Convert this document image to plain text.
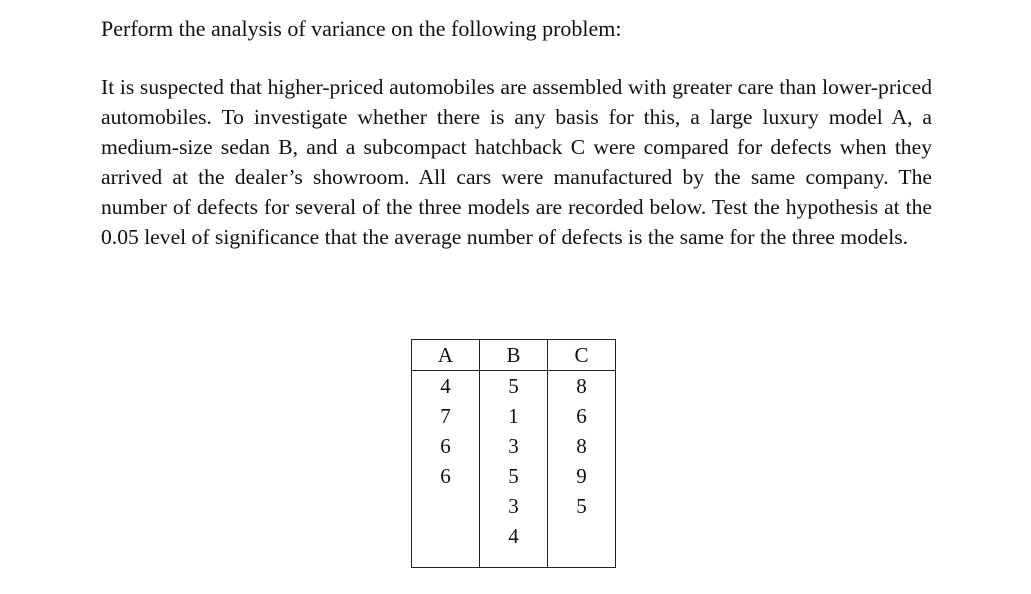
Perform the analysis of variance on the following problem:

It is suspected that higher-priced automobiles are assembled with greater care than lower-priced automobiles. To investigate whether there is any basis for this, a large luxury model A, a medium-size sedan B, and a subcompact hatchback C were compared for defects when they arrived at the dealer’s showroom. All cars were manufactured by the same company. The number of defects for several of the three models are recorded below. Test the hypothesis at the 0.05 level of significance that the average number of defects is the same for the three models.

A	B	C
4	5	8
7	1	6
6	3	8
6	5	9
	3	5
	4	
